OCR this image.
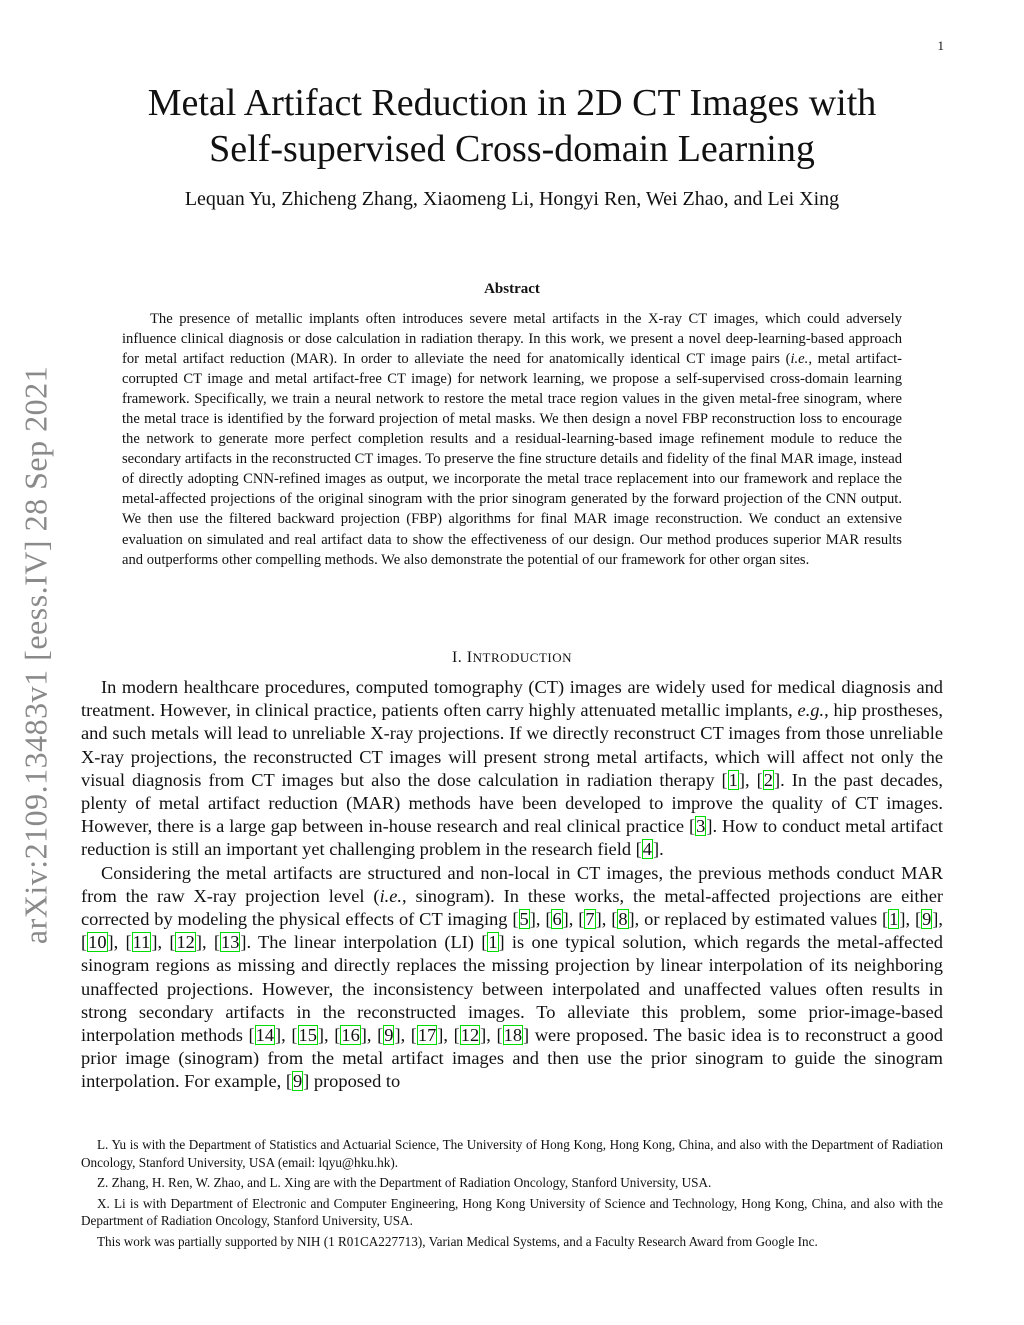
1
arXiv:2109.13483v1 [eess.IV] 28 Sep 2021
Metal Artifact Reduction in 2D CT Images with
Self-supervised Cross-domain Learning

Lequan Yu, Zhicheng Zhang, Xiaomeng Li, Hongyi Ren, Wei Zhao, and Lei Xing

Abstract

The presence of metallic implants often introduces severe metal artifacts in the X-ray CT images, which could adversely influence clinical diagnosis or dose calculation in radiation therapy. In this work, we present a novel deep-learning-based approach for metal artifact reduction (MAR). In order to alleviate the need for anatomically identical CT image pairs (i.e., metal artifact-corrupted CT image and metal artifact-free CT image) for network learning, we propose a self-supervised cross-domain learning framework. Specifically, we train a neural network to restore the metal trace region values in the given metal-free sinogram, where the metal trace is identified by the forward projection of metal masks. We then design a novel FBP reconstruction loss to encourage the network to generate more perfect completion results and a residual-learning-based image refinement module to reduce the secondary artifacts in the reconstructed CT images. To preserve the fine structure details and fidelity of the final MAR image, instead of directly adopting CNN-refined images as output, we incorporate the metal trace replacement into our framework and replace the metal-affected projections of the original sinogram with the prior sinogram generated by the forward projection of the CNN output. We then use the filtered backward projection (FBP) algorithms for final MAR image reconstruction. We conduct an extensive evaluation on simulated and real artifact data to show the effectiveness of our design. Our method produces superior MAR results and outperforms other compelling methods. We also demonstrate the potential of our framework for other organ sites.

I. INTRODUCTION

In modern healthcare procedures, computed tomography (CT) images are widely used for medical diagnosis and treatment. However, in clinical practice, patients often carry highly attenuated metallic implants, e.g., hip prostheses, and such metals will lead to unreliable X-ray projections. If we directly reconstruct CT images from those unreliable X-ray projections, the reconstructed CT images will present strong metal artifacts, which will affect not only the visual diagnosis from CT images but also the dose calculation in radiation therapy [1], [2]. In the past decades, plenty of metal artifact reduction (MAR) methods have been developed to improve the quality of CT images. However, there is a large gap between in-house research and real clinical practice [3]. How to conduct metal artifact reduction is still an important yet challenging problem in the research field [4].

Considering the metal artifacts are structured and non-local in CT images, the previous methods conduct MAR from the raw X-ray projection level (i.e., sinogram). In these works, the metal-affected projections are either corrected by modeling the physical effects of CT imaging [5], [6], [7], [8], or replaced by estimated values [1], [9], [10], [11], [12], [13]. The linear interpolation (LI) [1] is one typical solution, which regards the metal-affected sinogram regions as missing and directly replaces the missing projection by linear interpolation of its neighboring unaffected projections. However, the inconsistency between interpolated and unaffected values often results in strong secondary artifacts in the reconstructed images. To alleviate this problem, some prior-image-based interpolation methods [14], [15], [16], [9], [17], [12], [18] were proposed. The basic idea is to reconstruct a good prior image (sinogram) from the metal artifact images and then use the prior sinogram to guide the sinogram interpolation. For example, [9] proposed to

L. Yu is with the Department of Statistics and Actuarial Science, The University of Hong Kong, Hong Kong, China, and also with the Department of Radiation Oncology, Stanford University, USA (email: lqyu@hku.hk).

Z. Zhang, H. Ren, W. Zhao, and L. Xing are with the Department of Radiation Oncology, Stanford University, USA.

X. Li is with Department of Electronic and Computer Engineering, Hong Kong University of Science and Technology, Hong Kong, China, and also with the Department of Radiation Oncology, Stanford University, USA.

This work was partially supported by NIH (1 R01CA227713), Varian Medical Systems, and a Faculty Research Award from Google Inc.
